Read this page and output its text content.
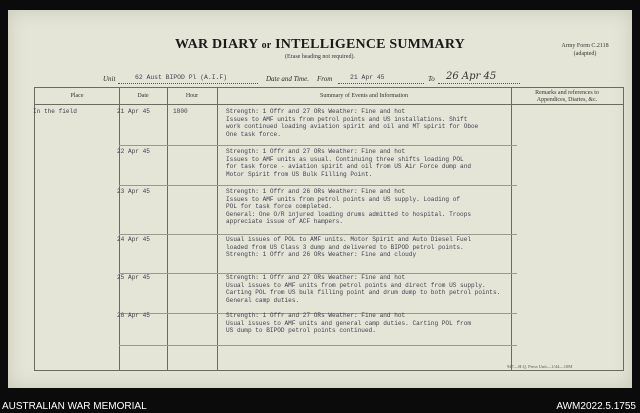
WAR DIARY or INTELLIGENCE SUMMARY
(Erase heading not required).
Army Form C.2118
(adapted)
Unit	62 Aust BIPOD Pl (A.I.F)	Date and Time. From	21 Apr 45	To 26 Apr 45
Place	Date	Hour	Summary of Events and Information	Remarks and references to
Appendices, Diaries, &c.
In the field	21 Apr 45	1800	Strength: 1 Offr and 27 ORs Weather: Fine and hot
Issues to AMF units from petrol points and US installations. Shift
work continued loading aviation spirit and oil and MT spirit for Oboe
One task force.
22 Apr 45	Strength: 1 Offr and 27 ORs Weather: Fine and hot
Issues to AMF units as usual. Continuing three shifts loading POL
for task force - aviation spirit and oil from US Air Force dump and
Motor Spirit from US Bulk Filling Point.
23 Apr 45	Strength: 1 Offr and 26 ORs Weather: Fine and hot
Issues to AMF units from petrol points and US supply. Loading of
POL for task force completed.
General: One O/R injured loading drums admitted to hospital. Troops
appreciate issue of ACF hampers.
24 Apr 45	Usual issues of POL to AMF units. Motor Spirit and Auto Diesel Fuel
loaded from US Class 3 dump and delivered to BIPOD petrol points.
Strength: 1 Offr and 26 ORs Weather: Fine and cloudy
25 Apr 45	Strength: 1 Offr and 27 ORs Weather: Fine and hot
Usual issues to AMF units from petrol points and direct from US supply.
Carting POL from US bulk filling point and drum dump to both petrol points.
General camp duties.
26 Apr 45	Strength: 1 Offr and 27 ORs Weather: Fine and hot
Usual issues to AMF units and general camp duties. Carting POL from
US dump to BIPOD petrol points continued.
947—H.Q. Press Unit—1/44—10M
AUSTRALIAN WAR MEMORIAL	AWM2022.5.1755
